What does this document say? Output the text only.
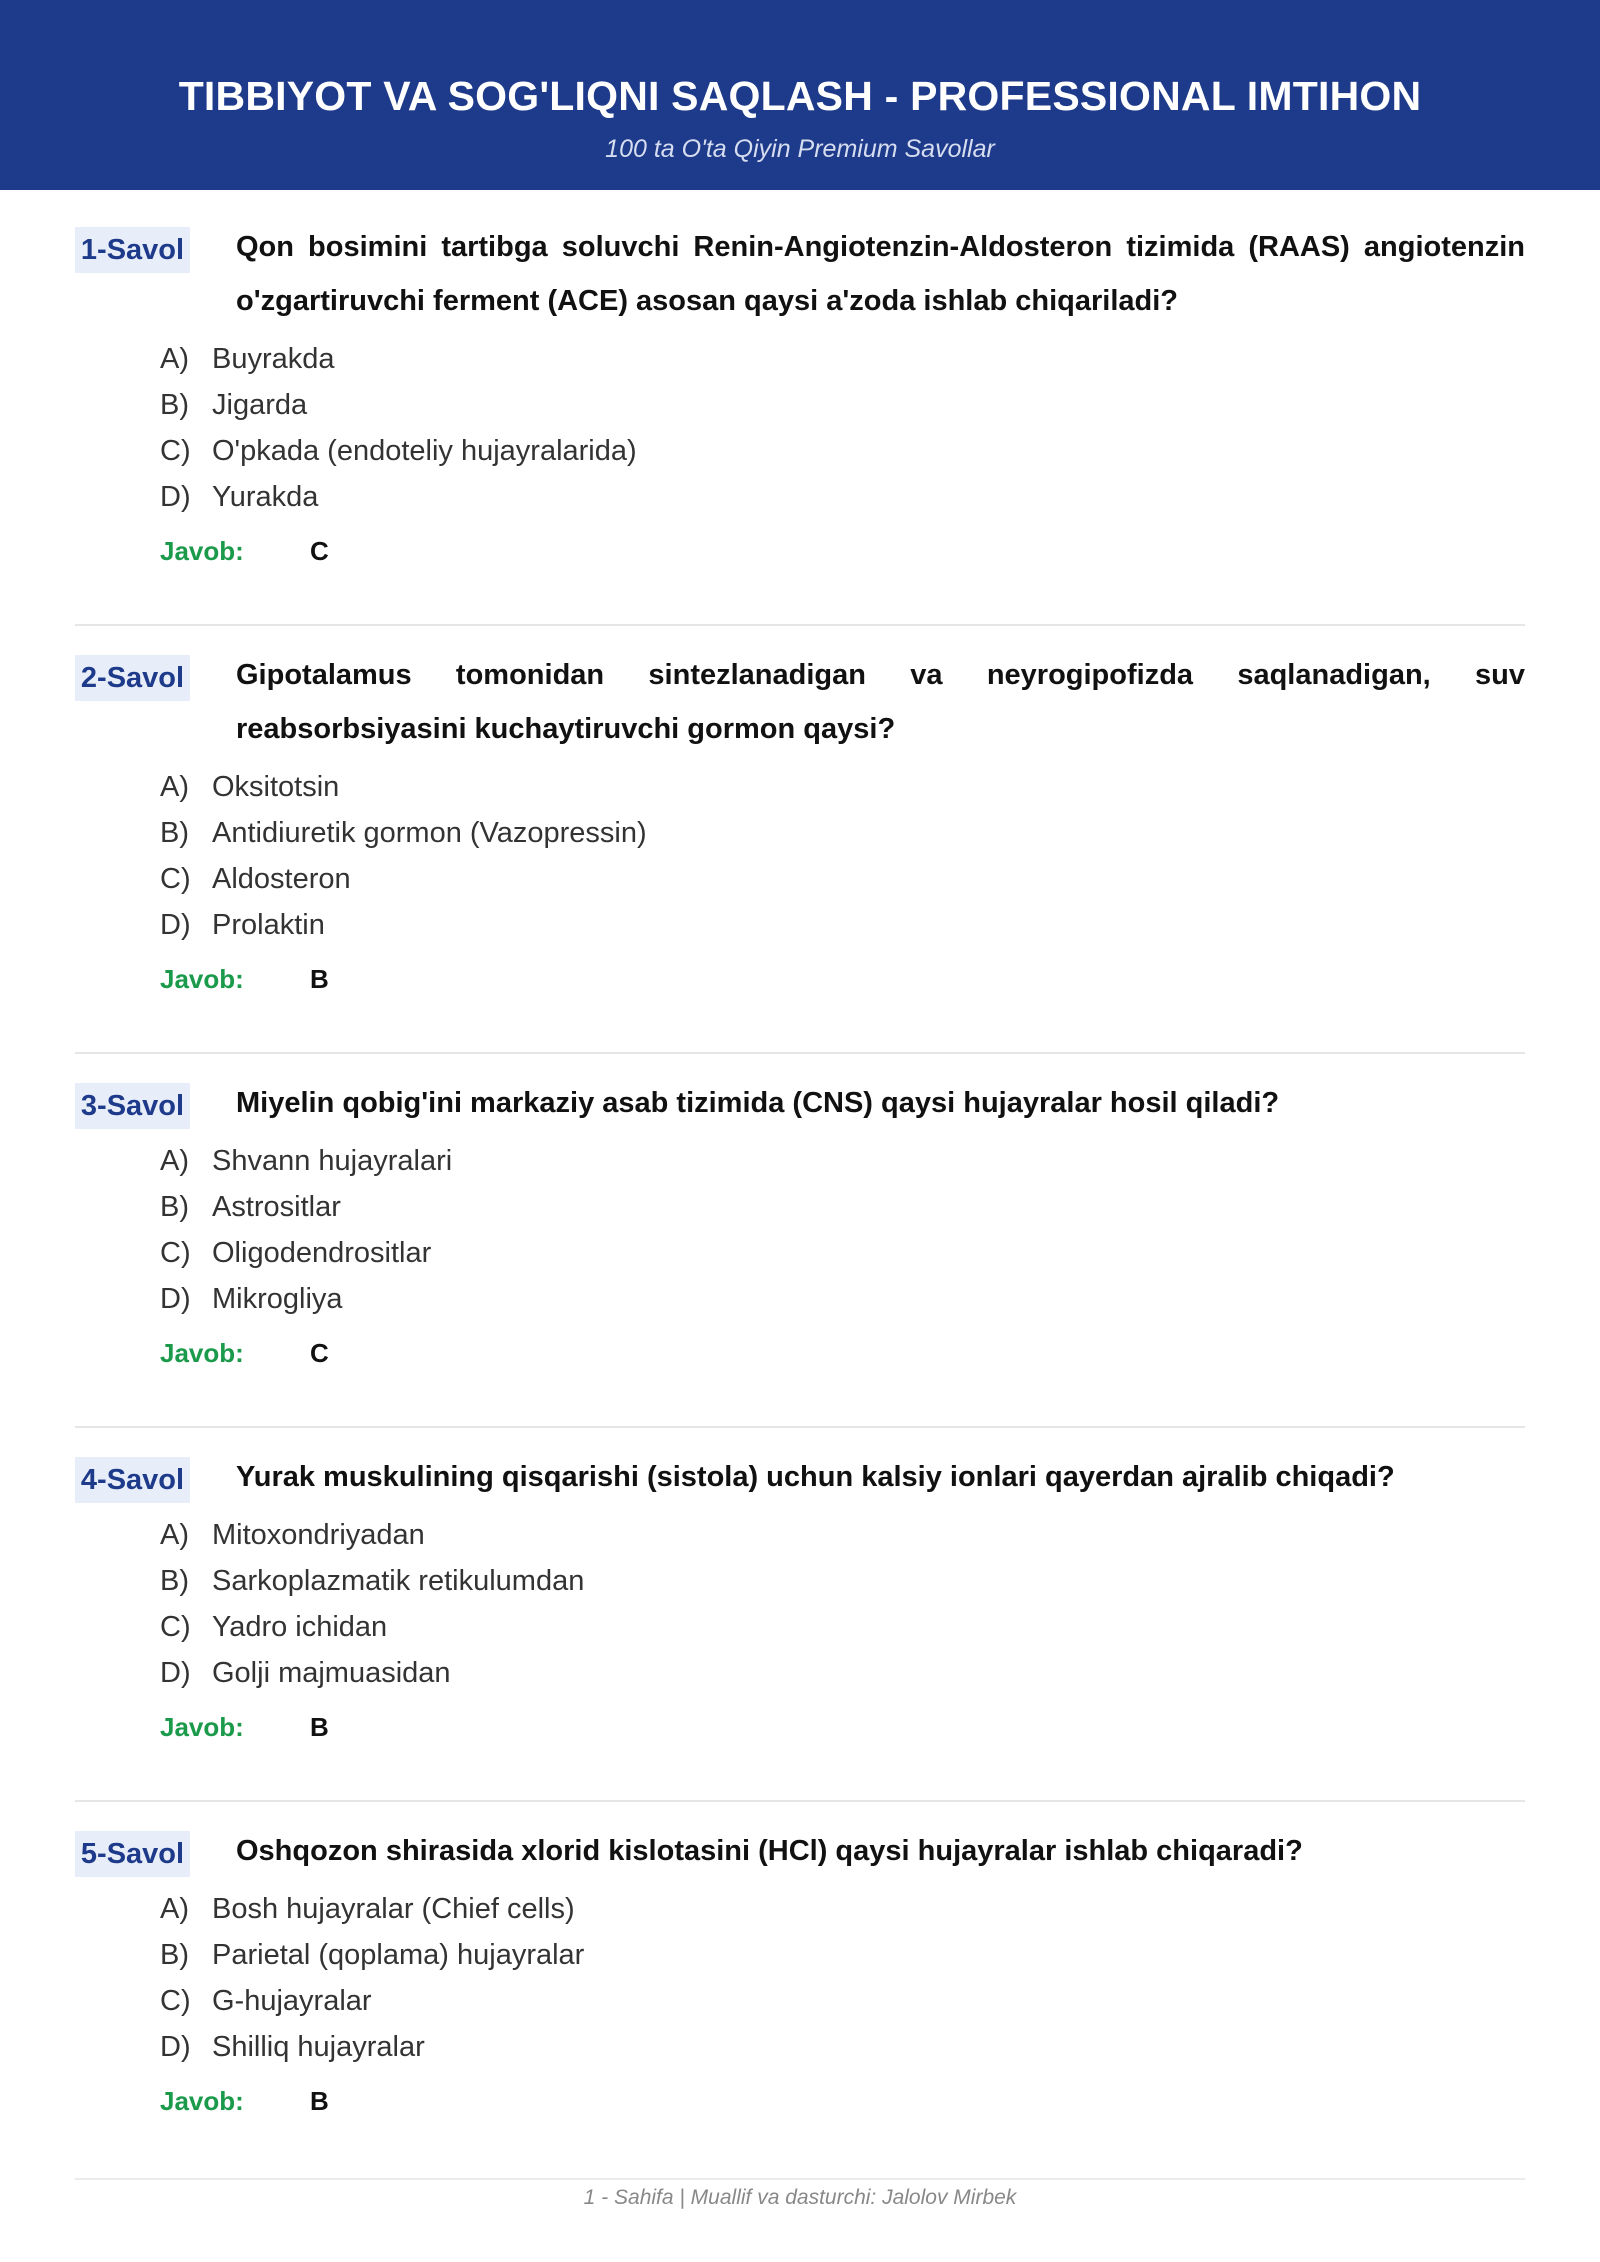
TIBBIYOT VA SOG'LIQNI SAQLASH - PROFESSIONAL IMTIHON
100 ta O'ta Qiyin Premium Savollar
1-Savol Qon bosimini tartibga soluvchi Renin-Angiotenzin-Aldosteron tizimida (RAAS) angiotenzin o'zgartiruvchi ferment (ACE) asosan qaysi a'zoda ishlab chiqariladi?
A) Buyrakda
B) Jigarda
C) O'pkada (endoteliy hujayralarida)
D) Yurakda
Javob:	C
2-Savol Gipotalamus tomonidan sintezlanadigan va neyrogipofizda saqlanadigan, suv reabsorbsiyasini kuchaytiruvchi gormon qaysi?
A) Oksitotsin
B) Antidiuretik gormon (Vazopressin)
C) Aldosteron
D) Prolaktin
Javob:	B
3-Savol Miyelin qobig'ini markaziy asab tizimida (CNS) qaysi hujayralar hosil qiladi?
A) Shvann hujayralari
B) Astrositlar
C) Oligodendrositlar
D) Mikrogliya
Javob:	C
4-Savol Yurak muskulining qisqarishi (sistola) uchun kalsiy ionlari qayerdan ajralib chiqadi?
A) Mitoxondriyadan
B) Sarkoplazmatik retikulumdan
C) Yadro ichidan
D) Golji majmuasidan
Javob:	B
5-Savol Oshqozon shirasida xlorid kislotasini (HCl) qaysi hujayralar ishlab chiqaradi?
A) Bosh hujayralar (Chief cells)
B) Parietal (qoplama) hujayralar
C) G-hujayralar
D) Shilliq hujayralar
Javob:	B
1 - Sahifa | Muallif va dasturchi: Jalolov Mirbek
